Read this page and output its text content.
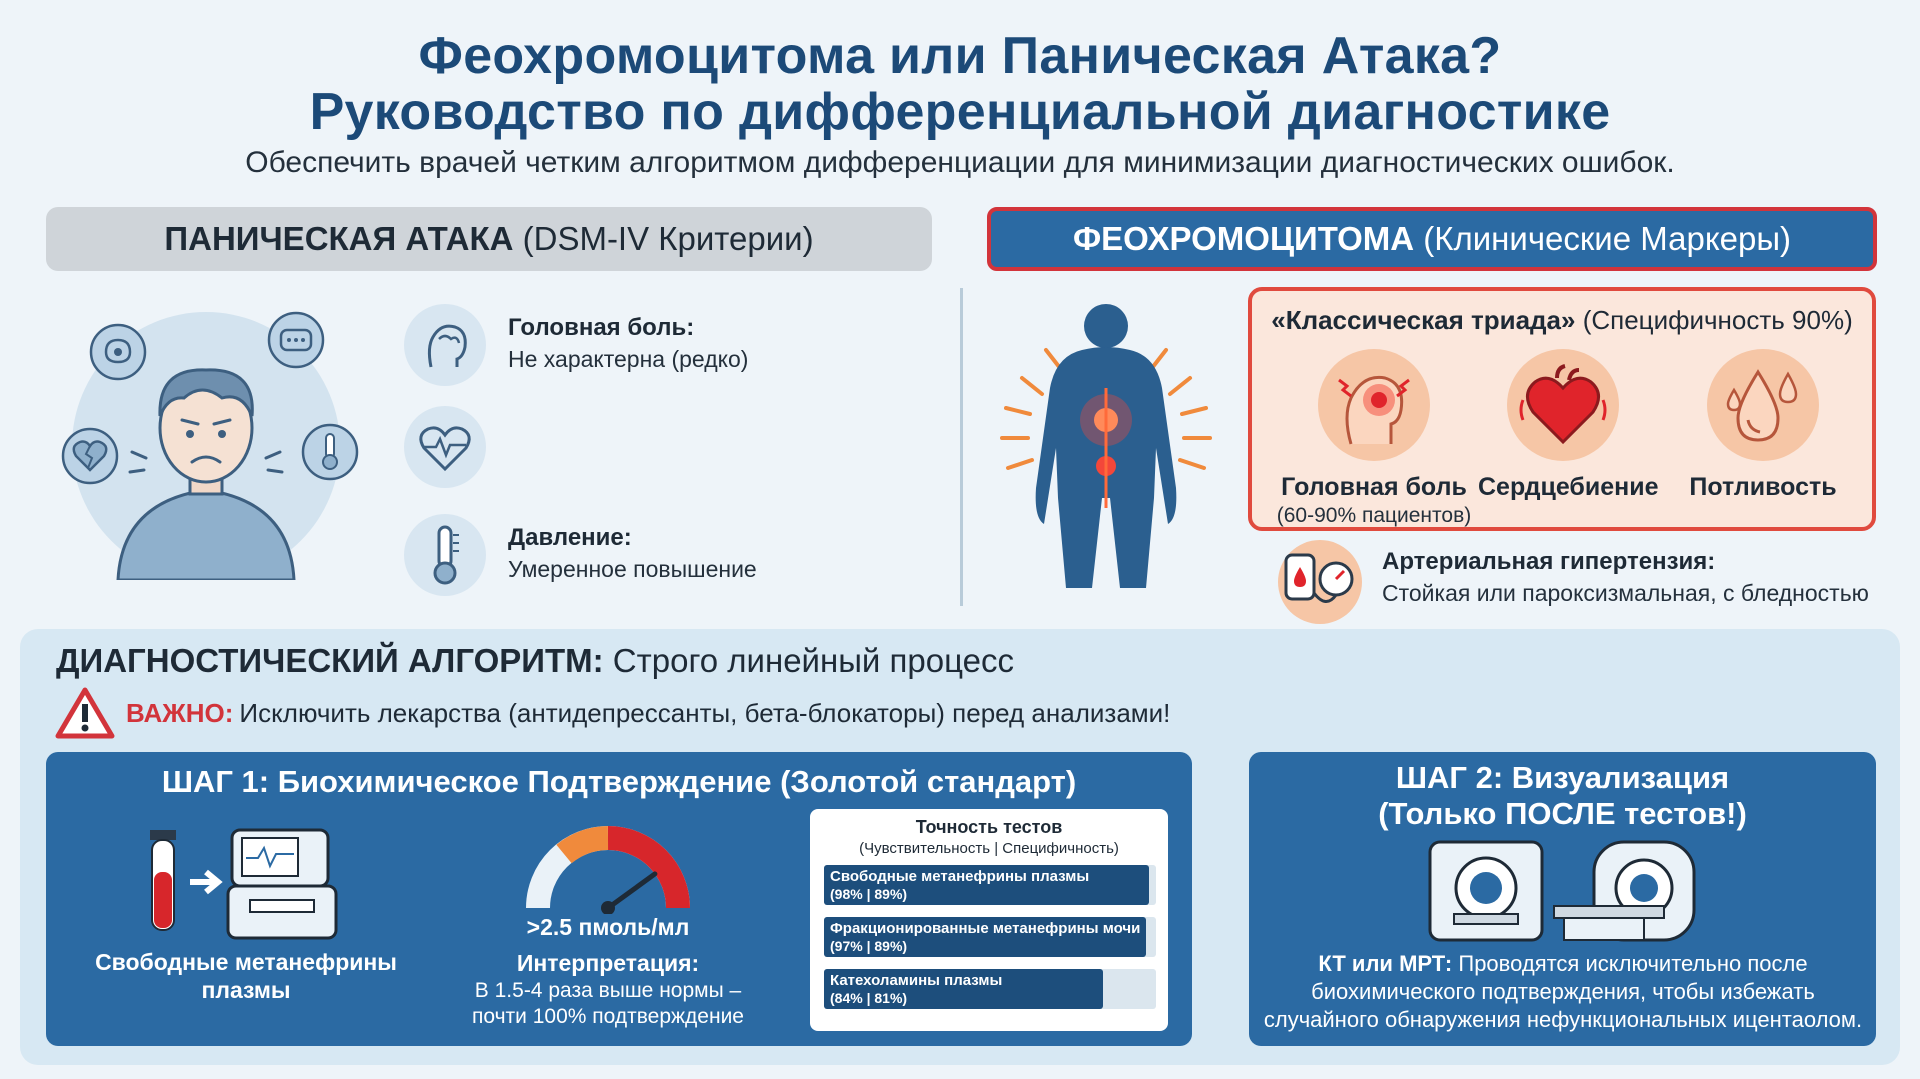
Феохромоцитома или Паническая Атака?
Руководство по дифференциальной диагностике
Обеспечить врачей четким алгоритмом дифференциации для минимизации диагностических ошибок.
ПАНИЧЕСКАЯ АТАКА (DSM-IV Критерии)	ФЕОХРОМОЦИТОМА (Клинические Маркеры)
Головная боль:
Не характерна (редко)
Давление:
Умеренное повышение
«Классическая триада» (Специфичность 90%)
Головная боль
(60-90% пациентов)
Сердцебиение	Потливость
Артериальная гипертензия:
Стойкая или пароксизмальная, с бледностью
ДИАГНОСТИЧЕСКИЙ АЛГОРИТМ: Строго линейный процесс
ВАЖНО: Исключить лекарства (антидепрессанты, бета-блокаторы) перед анализами!
ШАГ 1: Биохимическое Подтверждение (Золотой стандарт)
Свободные метанефрины
плазмы
>2.5 пмоль/мл
Интерпретация:
В 1.5-4 раза выше нормы –
почти 100% подтверждение
Точность тестов
(Чувствительность | Специфичность)
Свободные метанефрины плазмы
(98% | 89%)
Фракционированные метанефрины мочи
(97% | 89%)
Катехоламины плазмы
(84% | 81%)
ШАГ 2: Визуализация
(Только ПОСЛЕ тестов!)
КТ или МРТ: Проводятся исключительно после
биохимического подтверждения, чтобы избежать
случайного обнаружения нефункциональных ицентаолом.
